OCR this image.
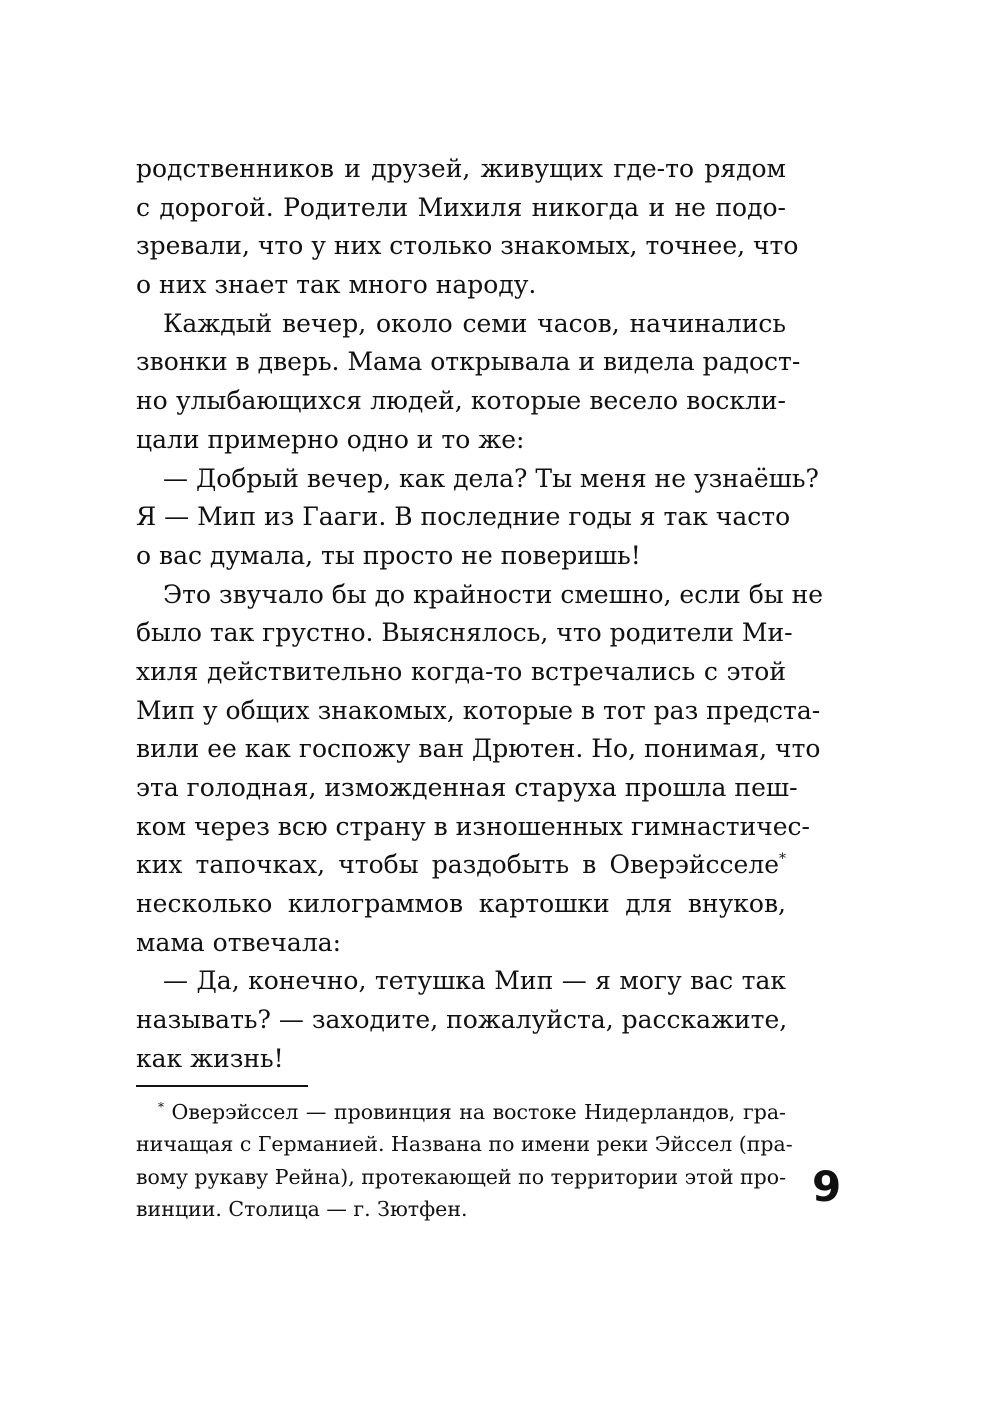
родственников и друзей, живущих где-то рядом
с дорогой. Родители Михиля никогда и не подо-
зревали, что у них столько знакомых, точнее, что
о них знает так много народу.
Каждый вечер, около семи часов, начинались
звонки в дверь. Мама открывала и видела радост-
но улыбающихся людей, которые весело воскли-
цали примерно одно и то же:
— Добрый вечер, как дела? Ты меня не узнаёшь?
Я — Мип из Гааги. В последние годы я так часто
о вас думала, ты просто не поверишь!
Это звучало бы до крайности смешно, если бы не
было так грустно. Выяснялось, что родители Ми-
хиля действительно когда-то встречались с этой
Мип у общих знакомых, которые в тот раз предста-
вили ее как госпожу ван Дрютен. Но, понимая, что
эта голодная, изможденная старуха прошла пеш-
ком через всю страну в изношенных гимнастичес-
ких тапочках, чтобы раздобыть в Оверэйсселе*
несколько килограммов картошки для внуков,
мама отвечала:
— Да, конечно, тетушка Мип — я могу вас так
называть? — заходите, пожалуйста, расскажите,
как жизнь!
* Оверэйссел — провинция на востоке Нидерландов, гра-
ничащая с Германией. Названа по имени реки Эйссел (пра-
вому рукаву Рейна), протекающей по территории этой про-
винции. Столица — г. Зютфен.	9
